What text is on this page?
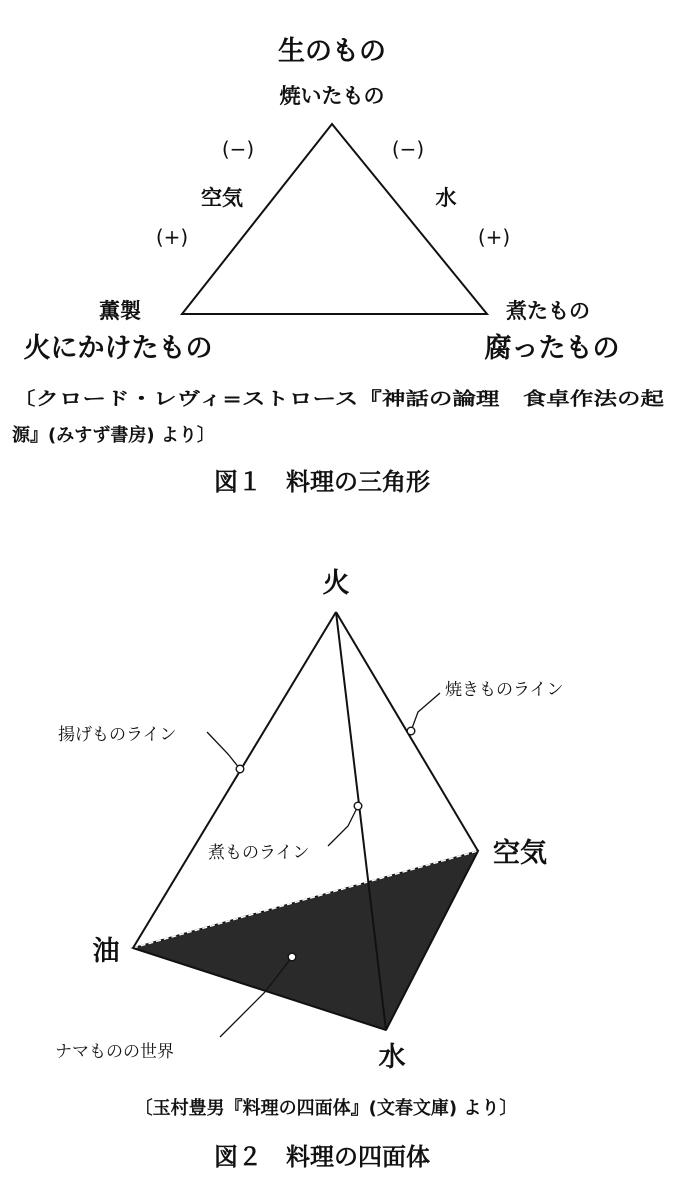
生のもの
焼いたもの
(−)
空気
(+)
(−)
水
(+)
薫製
火にかけたもの
煮たもの
腐ったもの
〔クロード・レヴィ=ストロース『神話の論理　食卓作法の起
源』(みすず書房) より〕
図１　料理の三角形
火
油
空気
水
揚げものライン
焼きものライン
煮ものライン
ナマものの世界
〔玉村豊男『料理の四面体』(文春文庫) より〕
図２　料理の四面体
